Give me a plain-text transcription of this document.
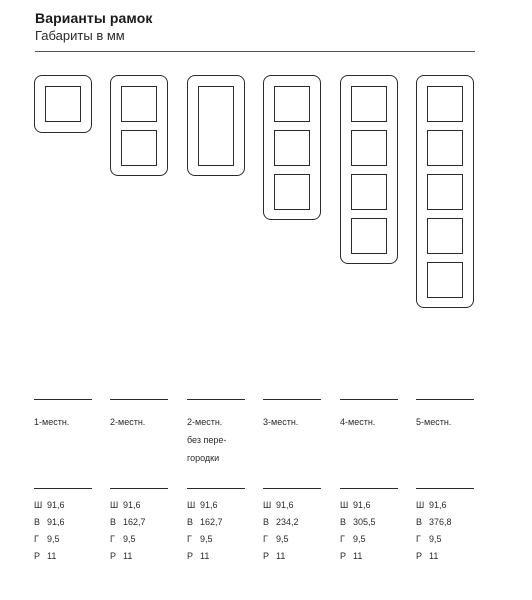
Варианты рамок
Габариты в мм
1-местн.
Ш 91,6
В 91,6
Г 9,5
Р 11
2-местн.
Ш 91,6
В 162,7
Г 9,5
Р 11
2-местн.
без пере-
городки
Ш 91,6
В 162,7
Г 9,5
Р 11
3-местн.
Ш 91,6
В 234,2
Г 9,5
Р 11
4-местн.
Ш 91,6
В 305,5
Г 9,5
Р 11
5-местн.
Ш 91,6
В 376,8
Г 9,5
Р 11
